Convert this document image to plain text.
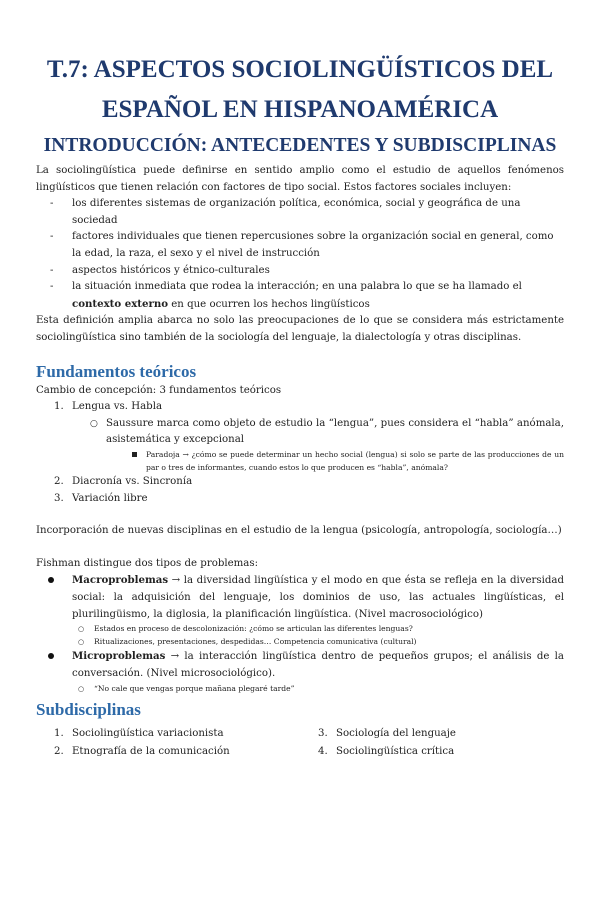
T.7: ASPECTOS SOCIOLINGÜÍSTICOS DEL
ESPAÑOL EN HISPANOAMÉRICA
INTRODUCCIÓN: ANTECEDENTES Y SUBDISCIPLINAS

La sociolingüística puede definirse en sentido amplio como el estudio de aquellos fenómenos lingüísticos que tienen relación con factores de tipo social. Estos factores sociales incluyen:

- los diferentes sistemas de organización política, económica, social y geográfica de una sociedad
- factores individuales que tienen repercusiones sobre la organización social en general, como la edad, la raza, el sexo y el nivel de instrucción
- aspectos históricos y étnico-culturales
- la situación inmediata que rodea la interacción; en una palabra lo que se ha llamado el contexto externo en que ocurren los hechos lingüísticos

Esta definición amplia abarca no solo las preocupaciones de lo que se considera más estrictamente sociolingüística sino también de la sociología del lenguaje, la dialectología y otras disciplinas.

Fundamentos teóricos

Cambio de concepción: 3 fundamentos teóricos

1. Lengua vs. Habla
○ Saussure marca como objeto de estudio la “lengua”, pues considera el “habla” anómala, asistemática y excepcional
Paradoja → ¿cómo se puede determinar un hecho social (lengua) si solo se parte de las producciones de un par o tres de informantes, cuando estos lo que producen es “habla”, anómala?
2. Diacronía vs. Sincronía
3. Variación libre

Incorporación de nuevas disciplinas en el estudio de la lengua (psicología, antropología, sociología…)

Fishman distingue dos tipos de problemas:

Macroproblemas → la diversidad lingüística y el modo en que ésta se refleja en la diversidad social: la adquisición del lenguaje, los dominios de uso, las actuales lingüísticas, el plurilingüismo, la diglosia, la planificación lingüística. (Nivel macrosociológico)
○ Estados en proceso de descolonización: ¿cómo se articulan las diferentes lenguas?
○ Ritualizaciones, presentaciones, despedidas… Competencia comunicativa (cultural)
Microproblemas → la interacción lingüística dentro de pequeños grupos; el análisis de la conversación. (Nivel microsociológico).
○ “No cale que vengas porque mañana plegaré tarde”
Subdisciplinas
1. Sociolingüística variacionista
2. Etnografía de la comunicación
3. Sociología del lenguaje
4. Sociolingüística crítica
